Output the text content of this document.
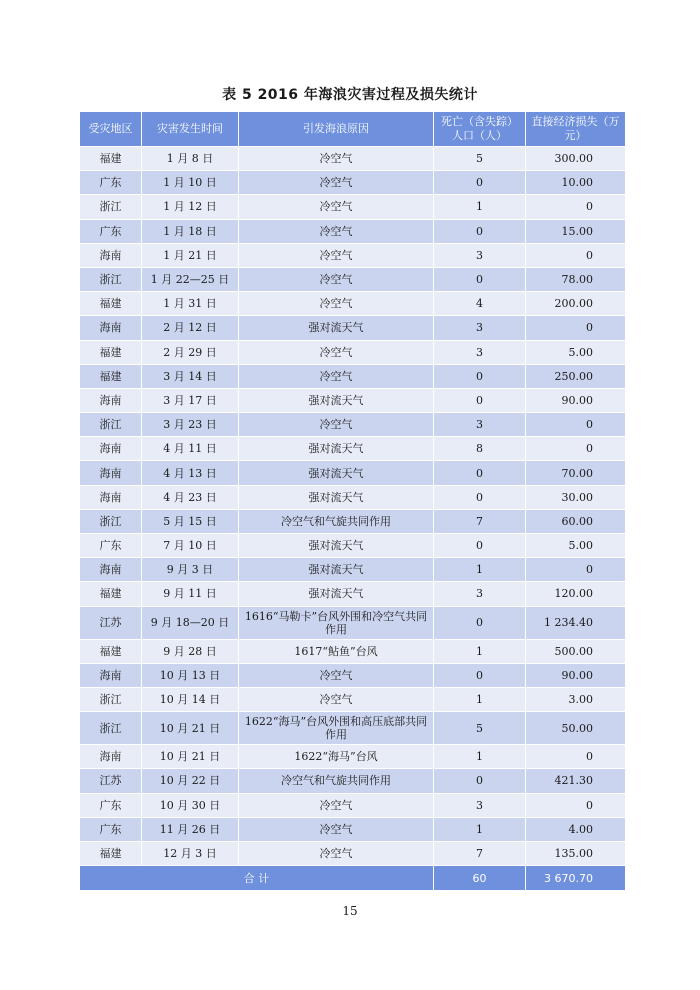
表 5 2016 年海浪灾害过程及损失统计
受灾地区	灾害发生时间	引发海浪原因	死亡（含失踪）人口（人）	直接经济损失（万元）
福建	1 月 8 日	冷空气	5	300.00
广东	1 月 10 日	冷空气	0	10.00
浙江	1 月 12 日	冷空气	1	0
广东	1 月 18 日	冷空气	0	15.00
海南	1 月 21 日	冷空气	3	0
浙江	1 月 22—25 日	冷空气	0	78.00
福建	1 月 31 日	冷空气	4	200.00
海南	2 月 12 日	强对流天气	3	0
福建	2 月 29 日	冷空气	3	5.00
福建	3 月 14 日	冷空气	0	250.00
海南	3 月 17 日	强对流天气	0	90.00
浙江	3 月 23 日	冷空气	3	0
海南	4 月 11 日	强对流天气	8	0
海南	4 月 13 日	强对流天气	0	70.00
海南	4 月 23 日	强对流天气	0	30.00
浙江	5 月 15 日	冷空气和气旋共同作用	7	60.00
广东	7 月 10 日	强对流天气	0	5.00
海南	9 月 3 日	强对流天气	1	0
福建	9 月 11 日	强对流天气	3	120.00
江苏	9 月 18—20 日	1616“马勒卡”台风外围和冷空气共同作用	0	1 234.40
福建	9 月 28 日	1617“鲇鱼”台风	1	500.00
海南	10 月 13 日	冷空气	0	90.00
浙江	10 月 14 日	冷空气	1	3.00
浙江	10 月 21 日	1622“海马”台风外围和高压底部共同作用	5	50.00
海南	10 月 21 日	1622“海马”台风	1	0
江苏	10 月 22 日	冷空气和气旋共同作用	0	421.30
广东	10 月 30 日	冷空气	3	0
广东	11 月 26 日	冷空气	1	4.00
福建	12 月 3 日	冷空气	7	135.00
合 计			60	3 670.70
15
